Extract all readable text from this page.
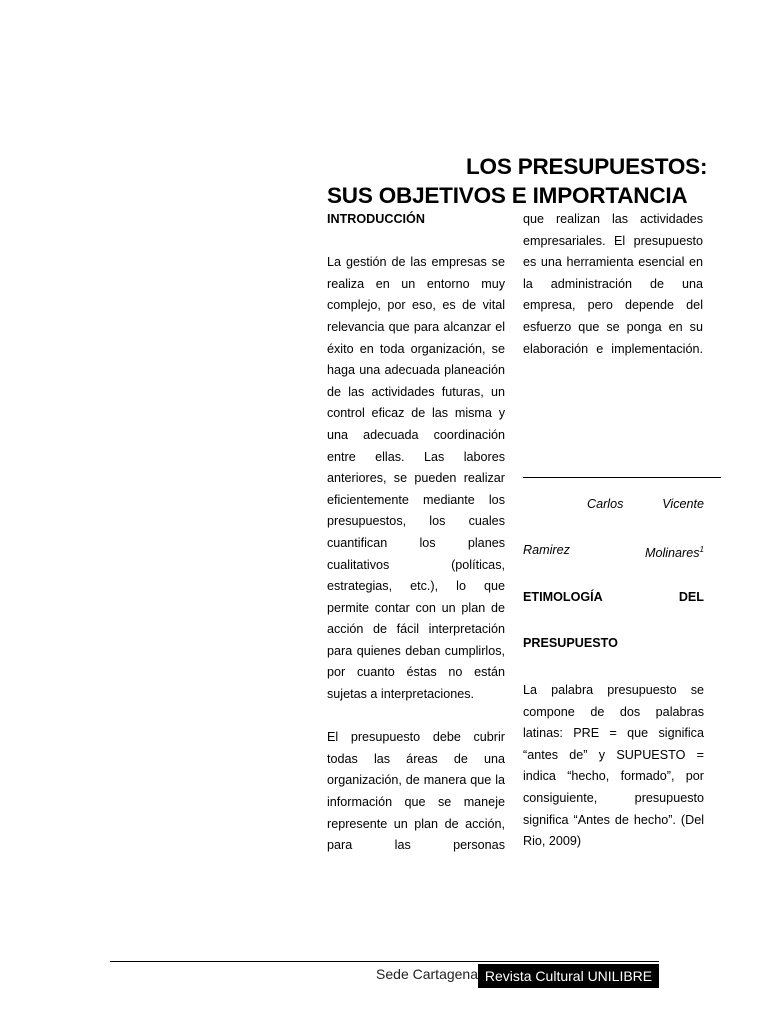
LOS PRESUPUESTOS:
SUS OBJETIVOS E IMPORTANCIA

INTRODUCCIÓN

La gestión de las empresas se realiza en un entorno muy complejo, por eso, es de vital relevancia que para alcanzar el éxito en toda organización, se haga una adecuada planeación de las actividades futuras, un control eficaz de las misma y una adecuada coordinación entre ellas. Las labores anteriores, se pueden realizar eficientemente mediante los presupuestos, los cuales cuantifican los planes cualitativos (políticas, estrategias, etc.), lo que permite contar con un plan de acción de fácil interpretación para quienes deban cumplirlos, por cuanto éstas no están sujetas a interpretaciones.

El presupuesto debe cubrir todas las áreas de una organización, de manera que la información que se maneje represente un plan de acción, para las personas

que realizan las actividades empresariales. El presupuesto es una herramienta esencial en la administración de una empresa, pero depende del esfuerzo que se ponga en su elaboración e implementación.

Carlos	Vicente
Ramirez	Molinares$^1$
ETIMOLOGÍA	DEL
PRESUPUESTO

La palabra presupuesto se compone de dos palabras latinas: PRE = que significa “antes de” y SUPUESTO = indica “hecho, formado”, por consiguiente, presupuesto significa “Antes de hecho”. (Del Rio, 2009)

Sede Cartagena Revista Cultural UNILIBRE
